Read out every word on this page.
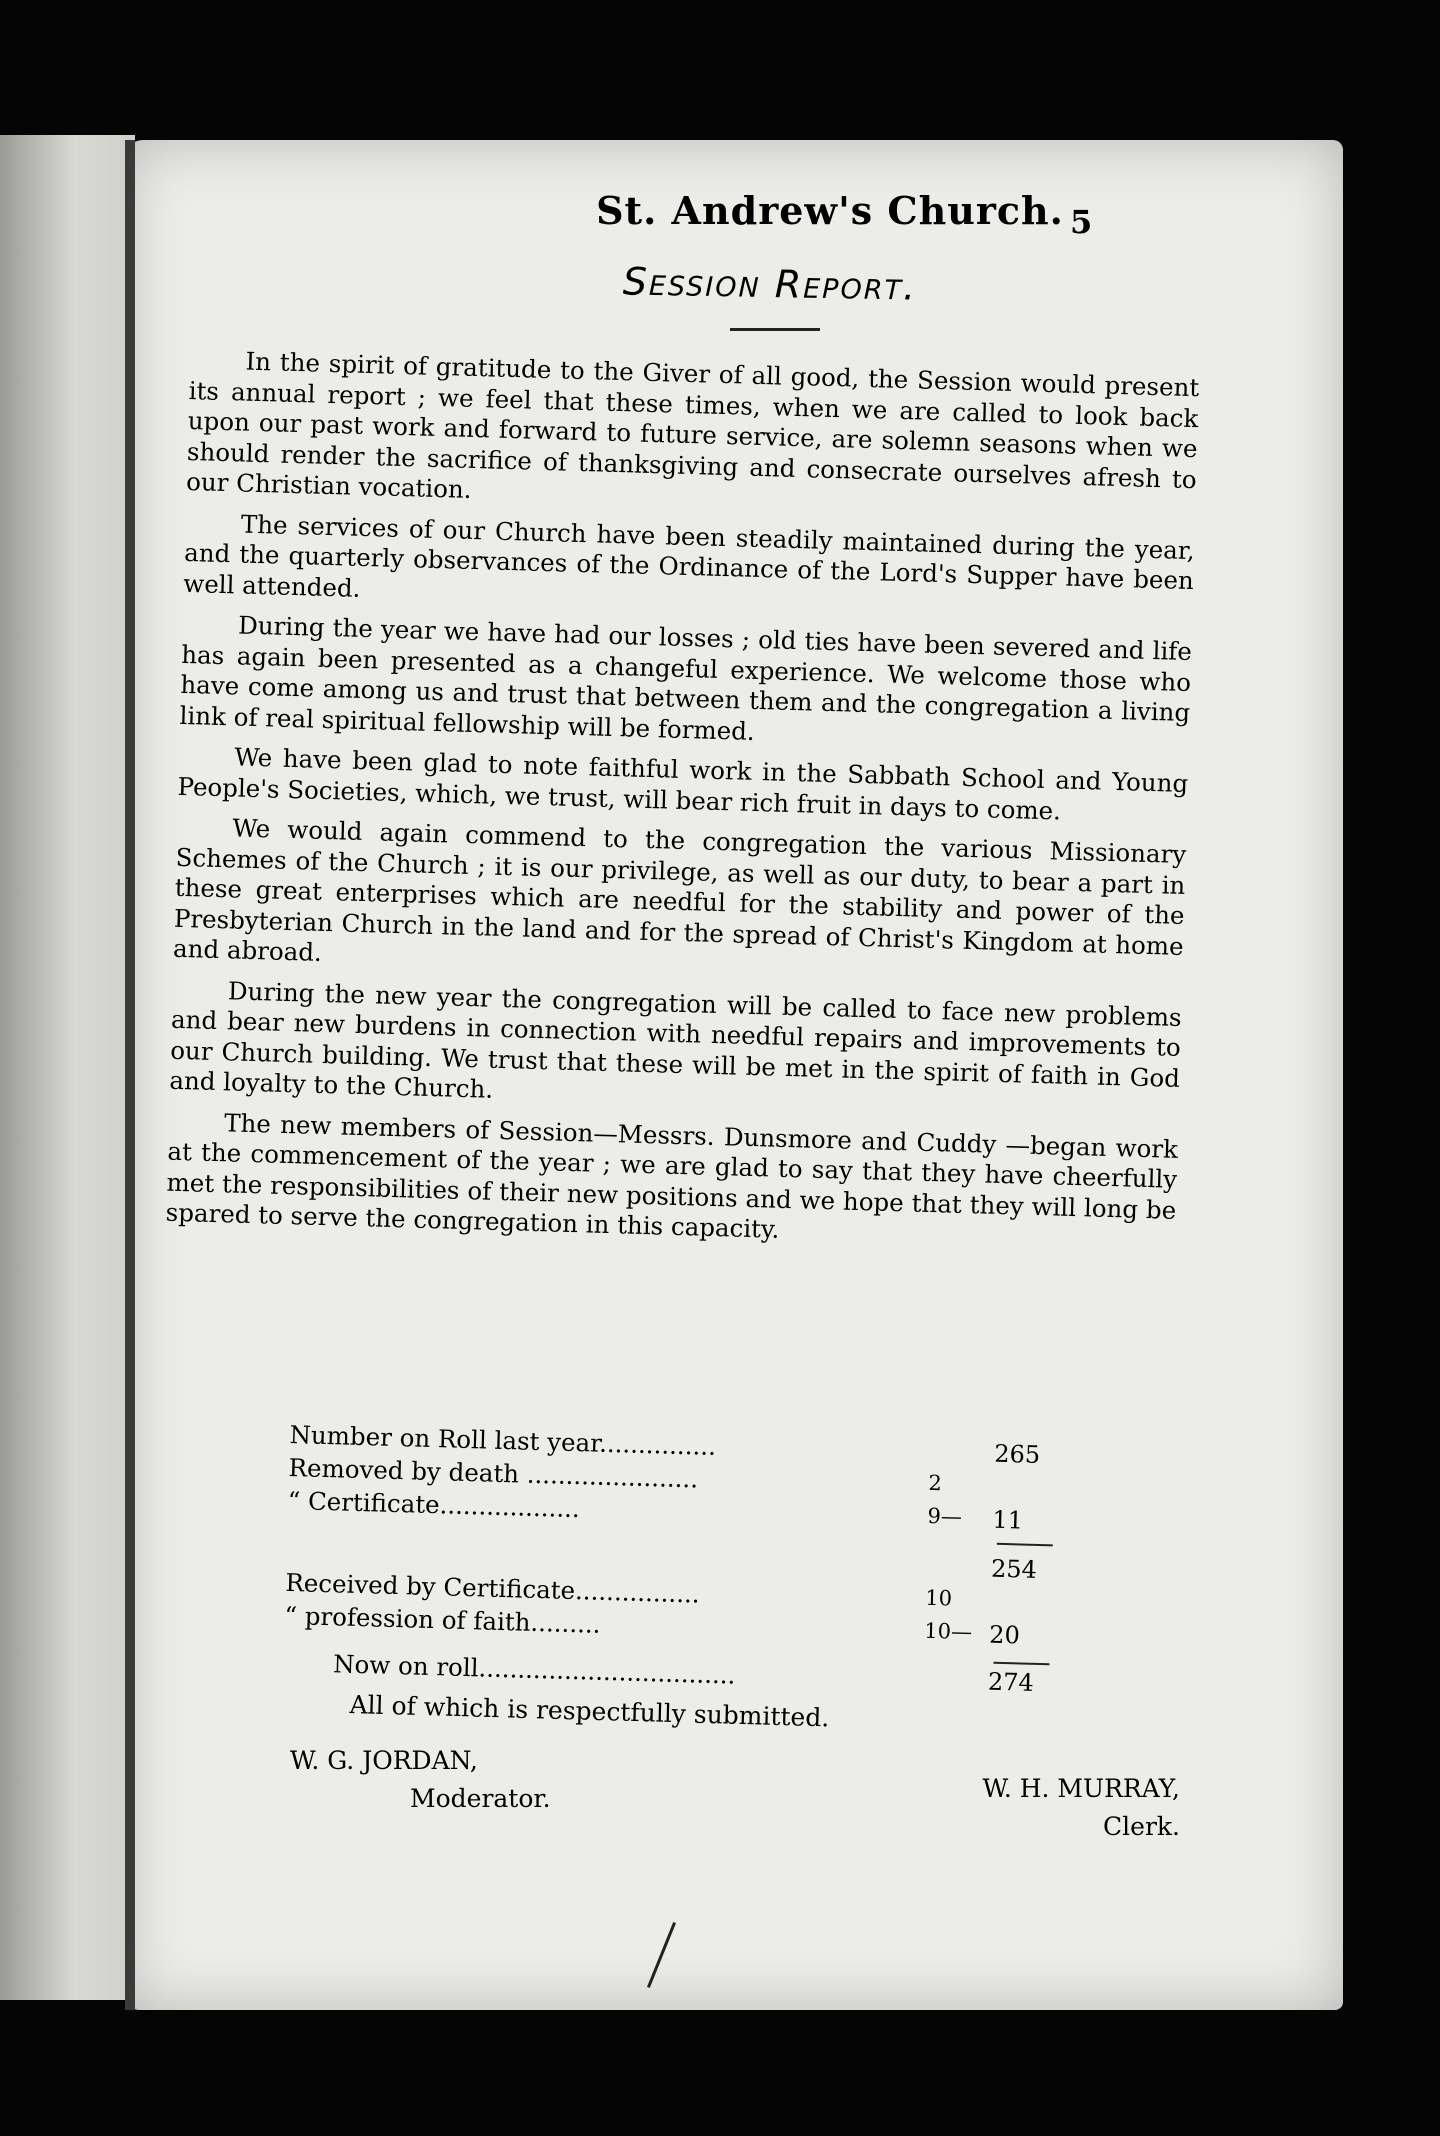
St. Andrew's Church. 5
Session Report.

In the spirit of gratitude to the Giver of all good, the Session would present its annual report ; we feel that these times, when we are called to look back upon our past work and forward to future service, are solemn seasons when we should render the sacrifice of thanksgiving and consecrate ourselves afresh to our Christian vocation.

The services of our Church have been steadily maintained during the year, and the quarterly observances of the Ordinance of the Lord's Supper have been well attended.

During the year we have had our losses ; old ties have been severed and life has again been presented as a changeful experience. We welcome those who have come among us and trust that between them and the congregation a living link of real spiritual fellowship will be formed.

We have been glad to note faithful work in the Sabbath School and Young People's Societies, which, we trust, will bear rich fruit in days to come.

We would again commend to the congregation the various Missionary Schemes of the Church ; it is our privilege, as well as our duty, to bear a part in these great enterprises which are needful for the stability and power of the Presbyterian Church in the land and for the spread of Christ's Kingdom at home and abroad.

During the new year the congregation will be called to face new problems and bear new burdens in connection with needful repairs and improvements to our Church building. We trust that these will be met in the spirit of faith in God and loyalty to the Church.

The new members of Session—Messrs. Dunsmore and Cuddy —began work at the commencement of the year ; we are glad to say that they have cheerfully met the responsibilities of their new positions and we hope that they will long be spared to serve the congregation in this capacity.

Number on Roll last year...............	265
Removed by death ......................	2
“ Certificate..................	9— 11
254
Received by Certificate................	10
“ profession of faith.........	10— 20
Now on roll.................................	274
All of which is respectfully submitted.
W. G. JORDAN,
Moderator.	W. H. MURRAY,
Clerk.
